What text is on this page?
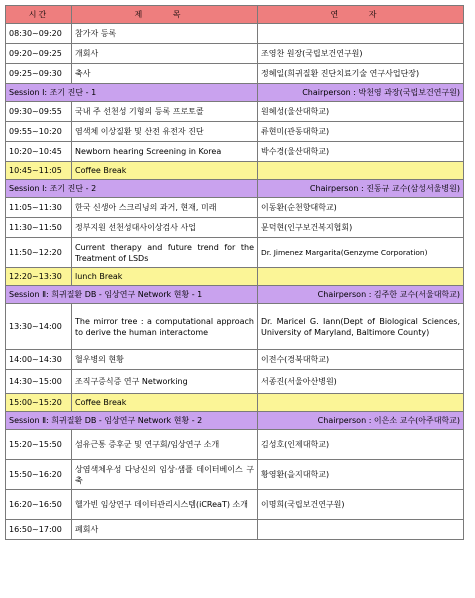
시간	제 목	연 자
08:30~09:20	참가자 등록	
09:20~09:25	개회사	조영찬 원장(국립보건연구원)
09:25~09:30	축사	정혜일(희귀질환 진단치료기술 연구사업단장)
Session Ⅰ: 조기 진단 - 1		Chairperson : 박천영 과장(국립보건연구원)
09:30~09:55	국내 주 선천성 기형의 등록 프로토콜	원혜성(울산대학교)
09:55~10:20	염색체 이상질환 및 산전 유전자 진단	류현미(관동대학교)
10:20~10:45	Newborn hearing Screening in Korea	박수경(울산대학교)
10:45~11:05	Coffee Break	
Session Ⅰ: 조기 진단 - 2		Chairperson : 진동규 교수(삼성서울병원)
11:05~11:30	한국 신생아 스크리닝의 과거, 현재, 미래	이동환(순천향대학교)
11:30~11:50	정부지원 선천성대사이상검사 사업	문덕현(인구보건복지협회)
11:50~12:20	Current therapy and future trend for the Treatment of LSDs	Dr. Jimenez Margarita(Genzyme Corporation)
12:20~13:30	lunch Break	
Session Ⅱ: 희귀질환 DB - 임상연구 Network 현황 - 1		Chairperson : 김주한 교수(서울대학교)
13:30~14:00	The mirror tree : a computational approach to derive the human interactome	Dr. Maricel G. Iann(Dept of Biological Sciences, University of Maryland, Baltimore County)
14:00~14:30	혈우병의 현황	이전수(경북대학교)
14:30~15:00	조직구증식증 연구 Networking	서종진(서울아산병원)
15:00~15:20	Coffee Break	
Session Ⅱ: 희귀질환 DB - 임상연구 Network 현황 - 2		Chairperson : 이은소 교수(아주대학교)
15:20~15:50	섬유근통 증후군 및 연구회/임상연구 소개	김성호(인제대학교)
15:50~16:20	상염색체우성 다낭신의 임상·샘플 데이터베이스 구축	황영환(을지대학교)
16:20~16:50	헬가빈 임상연구 데이터관리시스템(iCReaT) 소개	이명희(국립보건연구원)
16:50~17:00	폐회사	
